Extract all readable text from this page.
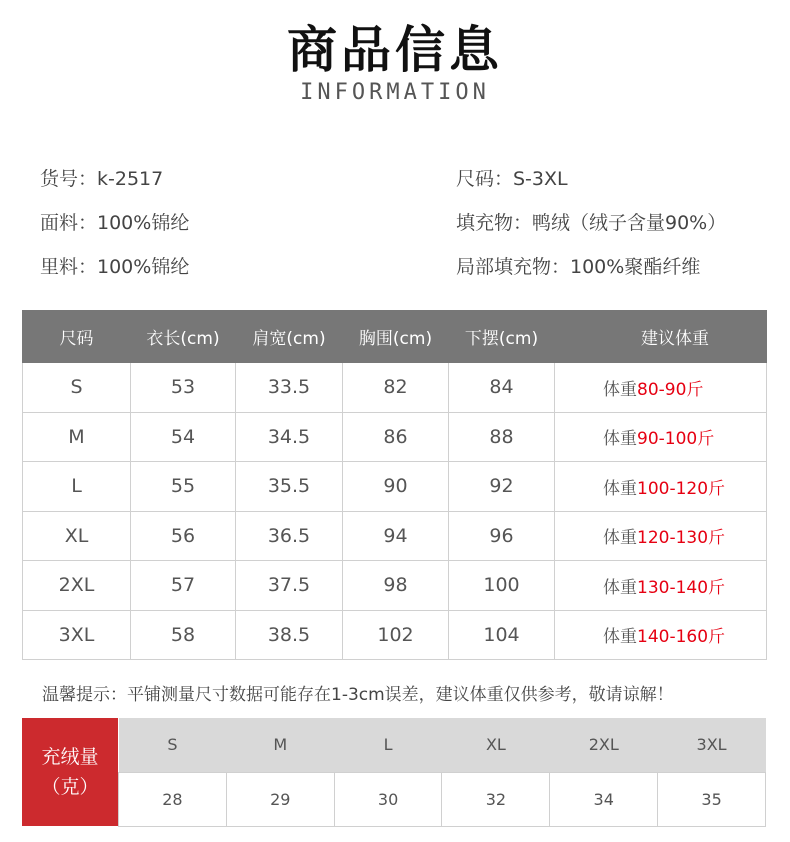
商品信息
INFORMATION
货号：k-2517	尺码：S-3XL
面料：100%锦纶	填充物：鸭绒（绒子含量90%）
里料：100%锦纶	局部填充物：100%聚酯纤维
尺码	衣长(cm)	肩宽(cm)	胸围(cm)	下摆(cm)	建议体重
S	53	33.5	82	84	体重80-90斤
M	54	34.5	86	88	体重90-100斤
L	55	35.5	90	92	体重100-120斤
XL	56	36.5	94	96	体重120-130斤
2XL	57	37.5	98	100	体重130-140斤
3XL	58	38.5	102	104	体重140-160斤
温馨提示：平铺测量尺寸数据可能存在1-3cm误差，建议体重仅供参考，敬请谅解！
充绒量
（克）
S	M	L	XL	2XL	3XL
28	29	30	32	34	35
